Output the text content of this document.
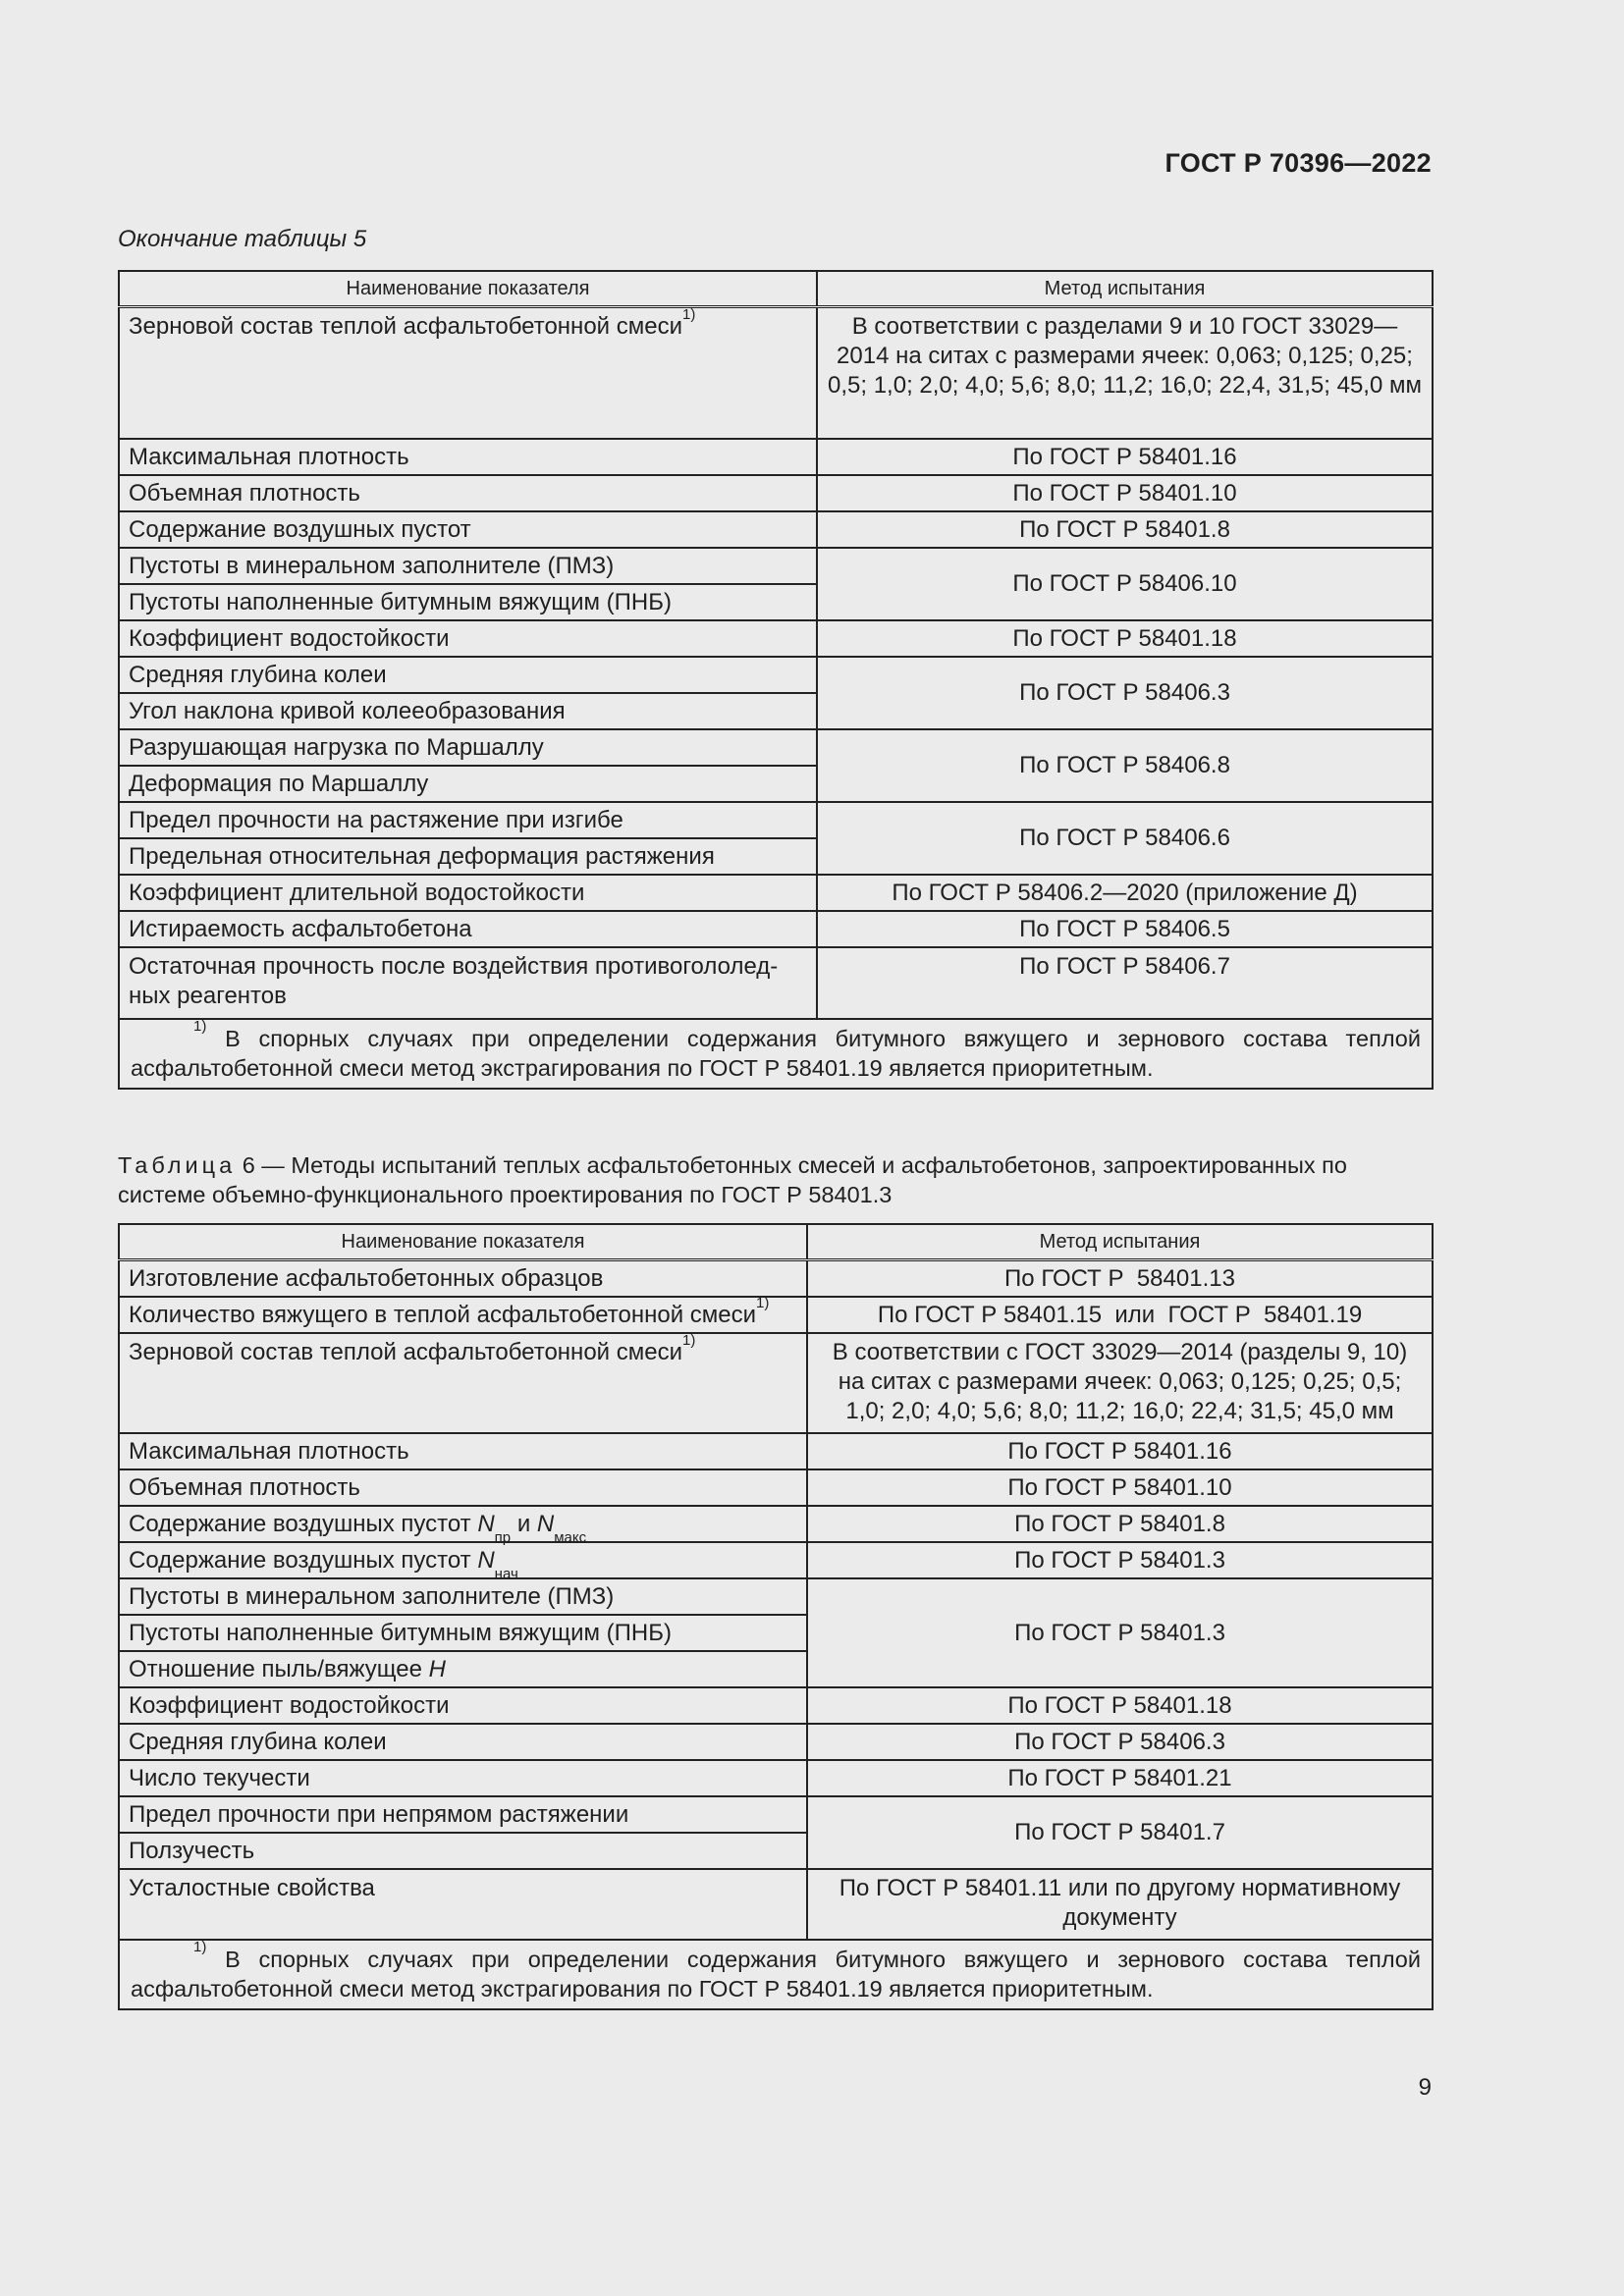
ГОСТ Р 70396—2022
Окончание таблицы 5
Наименование показателя	Метод испытания
Зерновой состав теплой асфальтобетонной смеси$^{1)}$	В соответствии с разделами 9 и 10 ГОСТ 33029—2014 на ситах с размерами ячеек: 0,063; 0,125; 0,25; 0,5; 1,0; 2,0; 4,0; 5,6; 8,0; 11,2; 16,0; 22,4, 31,5; 45,0 мм
Максимальная плотность	По ГОСТ Р 58401.16
Объемная плотность	По ГОСТ Р 58401.10
Содержание воздушных пустот	По ГОСТ Р 58401.8
Пустоты в минеральном заполнителе (ПМЗ)	По ГОСТ Р 58406.10
Пустоты наполненные битумным вяжущим (ПНБ)	
Коэффициент водостойкости	По ГОСТ Р 58401.18
Средняя глубина колеи	По ГОСТ Р 58406.3
Угол наклона кривой колееобразования	
Разрушающая нагрузка по Маршаллу	По ГОСТ Р 58406.8
Деформация по Маршаллу	
Предел прочности на растяжение при изгибе	По ГОСТ Р 58406.6
Предельная относительная деформация растяжения	
Коэффициент длительной водостойкости	По ГОСТ Р 58406.2—2020 (приложение Д)
Истираемость асфальтобетона	По ГОСТ Р 58406.5
Остаточная прочность после воздействия противогололед-ных реагентов	По ГОСТ Р 58406.7
$^{1)}$ В спорных случаях при определении содержания битумного вяжущего и зернового состава теплой асфальтобетонной смеси метод экстрагирования по ГОСТ Р 58401.19 является приоритетным.	
Таблица 6 — Методы испытаний теплых асфальтобетонных смесей и асфальтобетонов, запроектированных по системе объемно-функционального проектирования по ГОСТ Р 58401.3
Наименование показателя	Метод испытания
Изготовление асфальтобетонных образцов	По ГОСТ Р  58401.13
Количество вяжущего в теплой асфальтобетонной смеси$^{1)}$	По ГОСТ Р 58401.15  или  ГОСТ Р  58401.19
Зерновой состав теплой асфальтобетонной смеси$^{1)}$	В соответствии с ГОСТ 33029—2014 (разделы 9, 10) на ситах с размерами ячеек: 0,063; 0,125; 0,25; 0,5; 1,0; 2,0; 4,0; 5,6; 8,0; 11,2; 16,0; 22,4; 31,5; 45,0 мм
Максимальная плотность	По ГОСТ Р 58401.16
Объемная плотность	По ГОСТ Р 58401.10
Содержание воздушных пустот $N_{пр}$ и $N_{макс}$	По ГОСТ Р 58401.8
Содержание воздушных пустот $N_{нач}$	По ГОСТ Р 58401.3
Пустоты в минеральном заполнителе (ПМЗ)	По ГОСТ Р 58401.3
Пустоты наполненные битумным вяжущим (ПНБ)	
Отношение пыль/вяжущее Н	
Коэффициент водостойкости	По ГОСТ Р 58401.18
Средняя глубина колеи	По ГОСТ Р 58406.3
Число текучести	По ГОСТ Р 58401.21
Предел прочности при непрямом растяжении	По ГОСТ Р 58401.7
Ползучесть	
Усталостные свойства	По ГОСТ Р 58401.11 или по другому нормативному документу
$^{1)}$ В спорных случаях при определении содержания битумного вяжущего и зернового состава теплой асфальтобетонной смеси метод экстрагирования по ГОСТ Р 58401.19 является приоритетным.	
9
